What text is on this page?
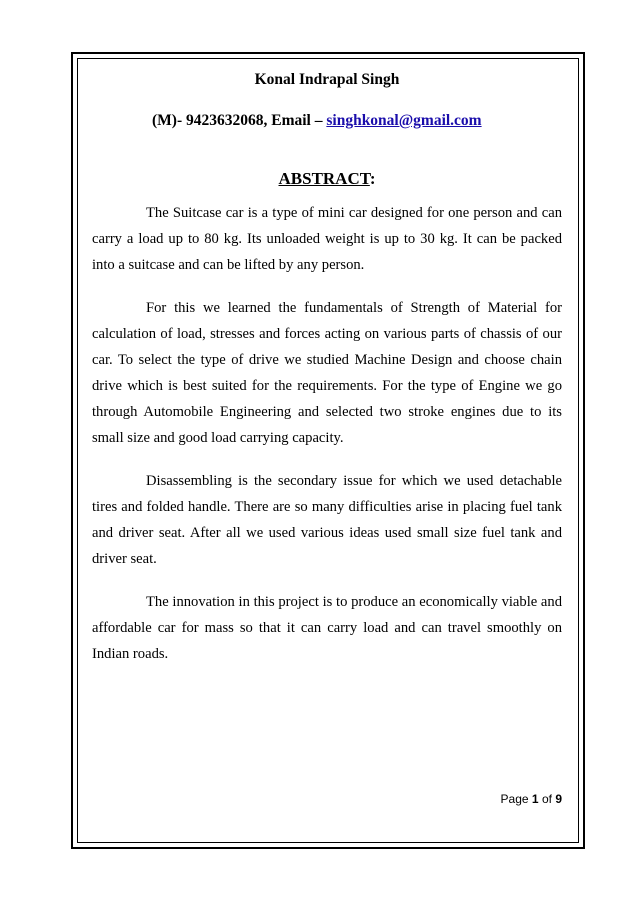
Konal Indrapal Singh

(M)- 9423632068, Email – singhkonal@gmail.com

ABSTRACT:

The Suitcase car is a type of mini car designed for one person and can carry a load up to 80 kg. Its unloaded weight is up to 30 kg. It can be packed into a suitcase and can be lifted by any person.

For this we learned the fundamentals of Strength of Material for calculation of load, stresses and forces acting on various parts of chassis of our car. To select the type of drive we studied Machine Design and choose chain drive which is best suited for the requirements. For the type of Engine we go through Automobile Engineering and selected two stroke engines due to its small size and good load carrying capacity.

Disassembling is the secondary issue for which we used detachable tires and folded handle. There are so many difficulties arise in placing fuel tank and driver seat. After all we used various ideas used small size fuel tank and driver seat.

The innovation in this project is to produce an economically viable and affordable car for mass so that it can carry load and can travel smoothly on Indian roads.

Page 1 of 9
